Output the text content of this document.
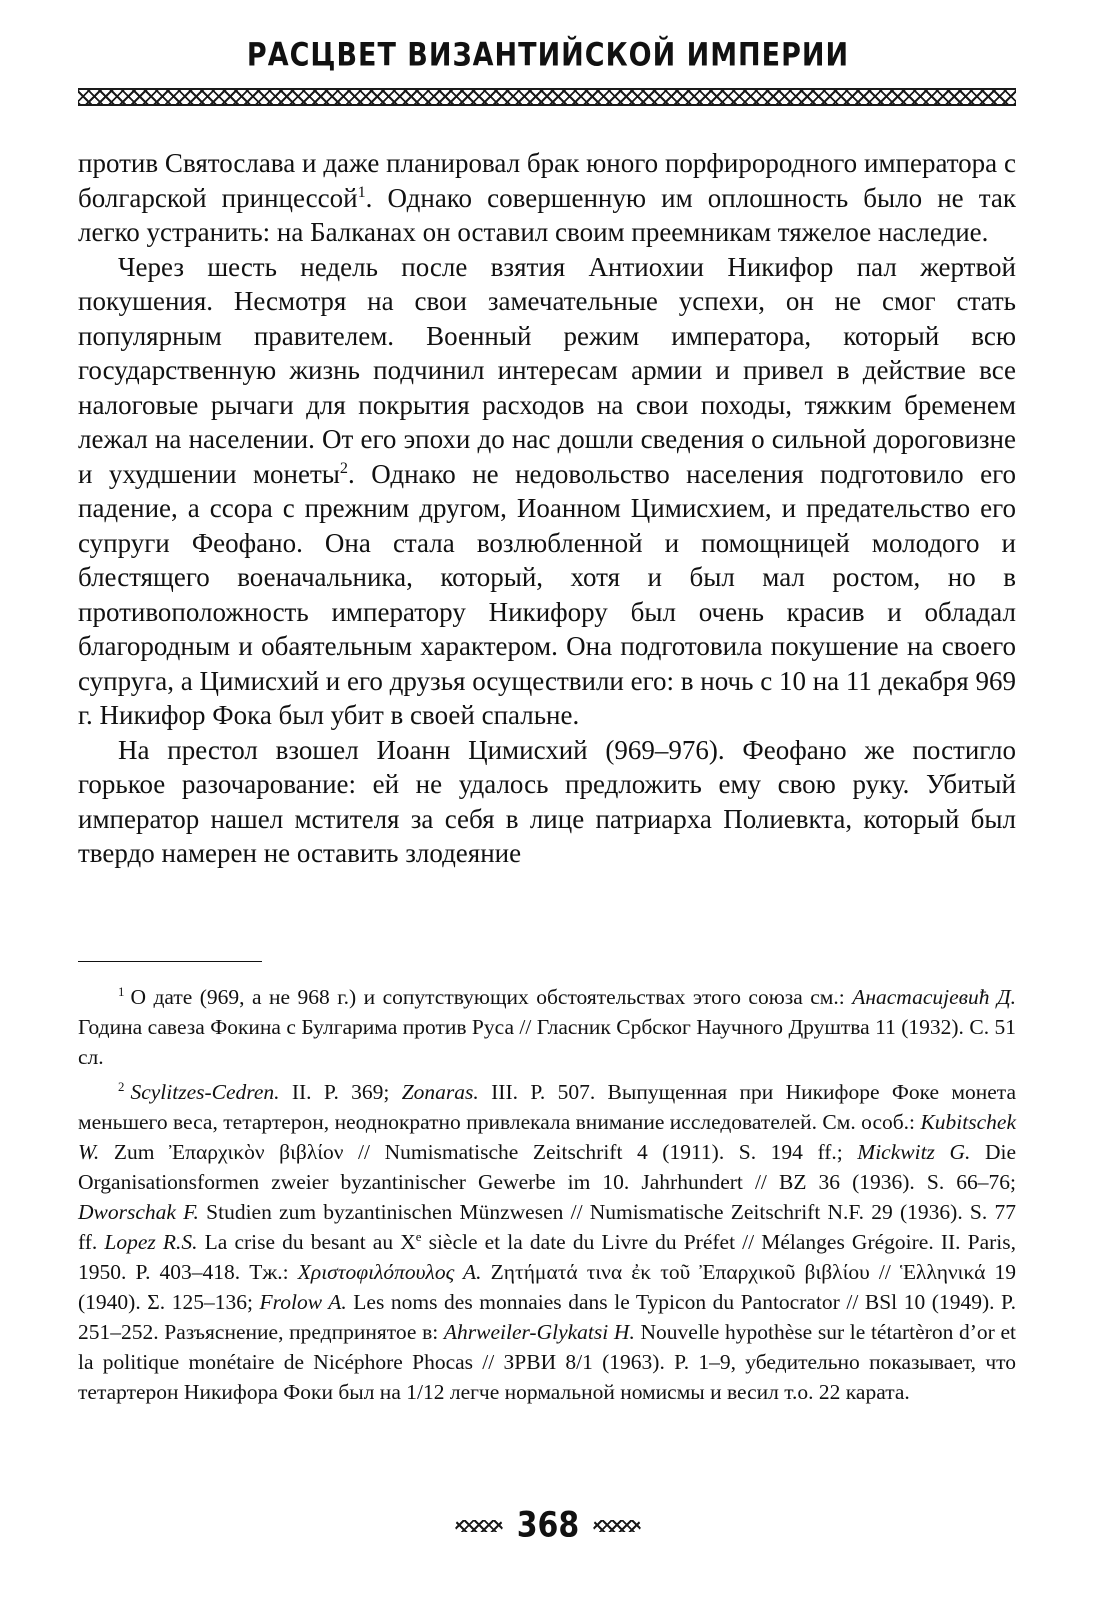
РАСЦВЕТ ВИЗАНТИЙСКОЙ ИМПЕРИИ

против Святослава и даже планировал брак юного порфирородного императора с болгарской принцессой$^1$. Однако совершенную им оплошность было не так легко устранить: на Балканах он оставил своим преемникам тяжелое наследие.

Через шесть недель после взятия Антиохии Никифор пал жертвой покушения. Несмотря на свои замечательные успехи, он не смог стать популярным правителем. Военный режим императора, который всю государственную жизнь подчинил интересам армии и привел в действие все налоговые рычаги для покрытия расходов на свои походы, тяжким бременем лежал на населении. От его эпохи до нас дошли сведения о сильной дороговизне и ухудшении монеты$^2$. Однако не недовольство населения подготовило его падение, а ссора с прежним другом, Иоанном Цимисхием, и предательство его супруги Феофано. Она стала возлюбленной и помощницей молодого и блестящего военачальника, который, хотя и был мал ростом, но в противоположность императору Никифору был очень красив и обладал благородным и обаятельным характером. Она подготовила покушение на своего супруга, а Цимисхий и его друзья осуществили его: в ночь с 10 на 11 декабря 969 г. Никифор Фока был убит в своей спальне.

На престол взошел Иоанн Цимисхий (969–976). Феофано же постигло горькое разочарование: ей не удалось предложить ему свою руку. Убитый император нашел мстителя за себя в лице патриарха Полиевкта, который был твердо намерен не оставить злодеяние

$^1$ О дате (969, а не 968 г.) и сопутствующих обстоятельствах этого союза см.: Анастасијевић Д. Година савеза Фокина с Булгарима против Руса // Гласник Србског Научного Друштва 11 (1932). С. 51 сл.

$^2$ Scylitzes-Cedren. II. P. 369; Zonaras. III. P. 507. Выпущенная при Никифоре Фоке монета меньшего веса, тетартерон, неоднократно привлекала внимание исследователей. См. особ.: Kubitschek W. Zum Ἐπαρχικὸν βιβλίον // Numismatische Zeitschrift 4 (1911). S. 194 ff.; Mickwitz G. Die Organisationsformen zweier byzantinischer Gewerbe im 10. Jahrhundert // BZ 36 (1936). S. 66–76; Dworschak F. Studien zum byzantinischen Münzwesen // Numismatische Zeitschrift N.F. 29 (1936). S. 77 ff. Lopez R.S. La crise du besant au Xe siècle et la date du Livre du Préfet // Mélanges Grégoire. II. Paris, 1950. P. 403–418. Тж.: Χριστοφιλόπουλος Α. Ζητήματά τινα ἐκ τοῦ Ἐπαρχικοῦ βιβλίου // Ἑλληνικά 19 (1940). Σ. 125–136; Frolow A. Les noms des monnaies dans le Typicon du Pantocrator // BSl 10 (1949). P. 251–252. Разъяснение, предпринятое в: Ahrweiler-Glykatsi H. Nouvelle hypothèse sur le tétartèron d’or et la politique monétaire de Nicéphore Phocas // ЗРВИ 8/1 (1963). P. 1–9, убедительно показывает, что тетартерон Никифора Фоки был на 1/12 легче нормальной номисмы и весил т.о. 22 карата.

368
